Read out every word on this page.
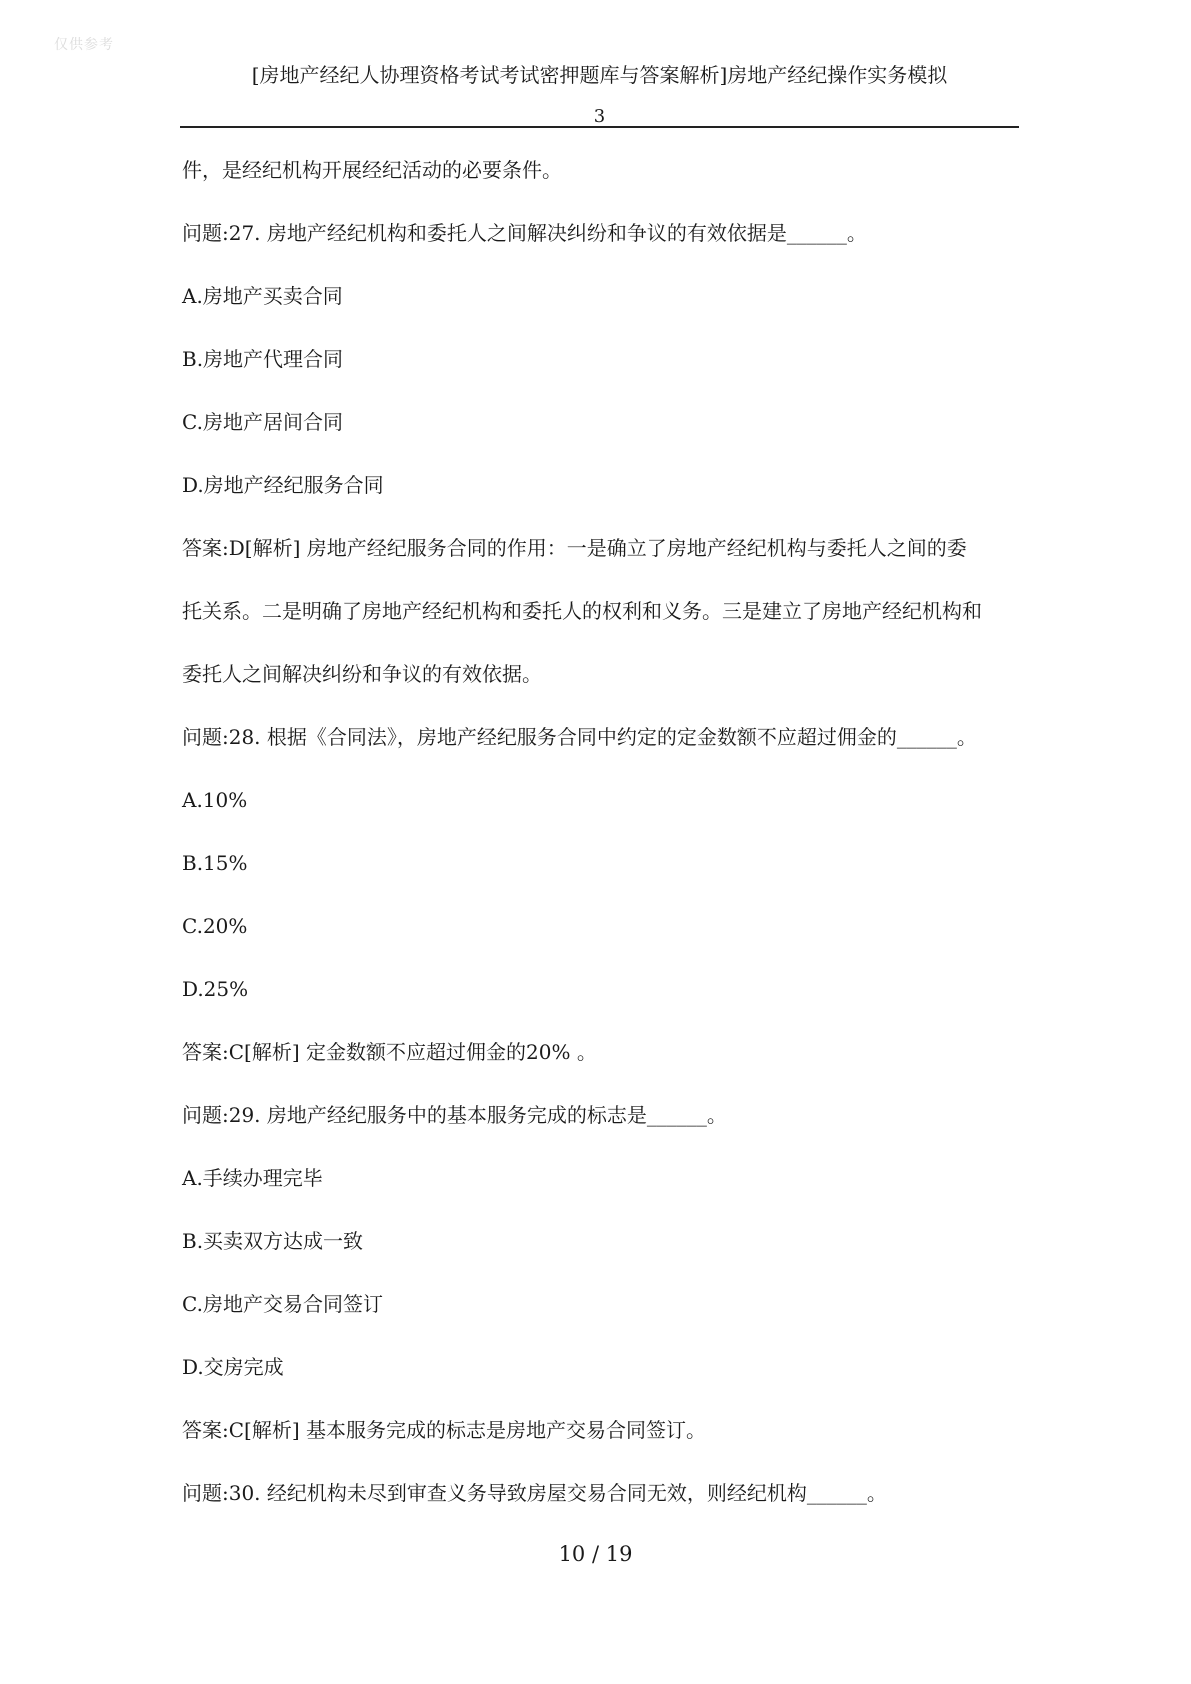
仅供参考
[房地产经纪人协理资格考试考试密押题库与答案解析]房地产经纪操作实务模拟
3
件，是经纪机构开展经纪活动的必要条件。
问题:27. 房地产经纪机构和委托人之间解决纠纷和争议的有效依据是______。
A.房地产买卖合同
B.房地产代理合同
C.房地产居间合同
D.房地产经纪服务合同
答案:D[解析] 房地产经纪服务合同的作用：一是确立了房地产经纪机构与委托人之间的委
托关系。二是明确了房地产经纪机构和委托人的权利和义务。三是建立了房地产经纪机构和
委托人之间解决纠纷和争议的有效依据。
问题:28. 根据《合同法》，房地产经纪服务合同中约定的定金数额不应超过佣金的______。
A.10%
B.15%
C.20%
D.25%
答案:C[解析] 定金数额不应超过佣金的20% 。
问题:29. 房地产经纪服务中的基本服务完成的标志是______。
A.手续办理完毕
B.买卖双方达成一致
C.房地产交易合同签订
D.交房完成
答案:C[解析] 基本服务完成的标志是房地产交易合同签订。
问题:30. 经纪机构未尽到审查义务导致房屋交易合同无效，则经纪机构______。
10 / 19
